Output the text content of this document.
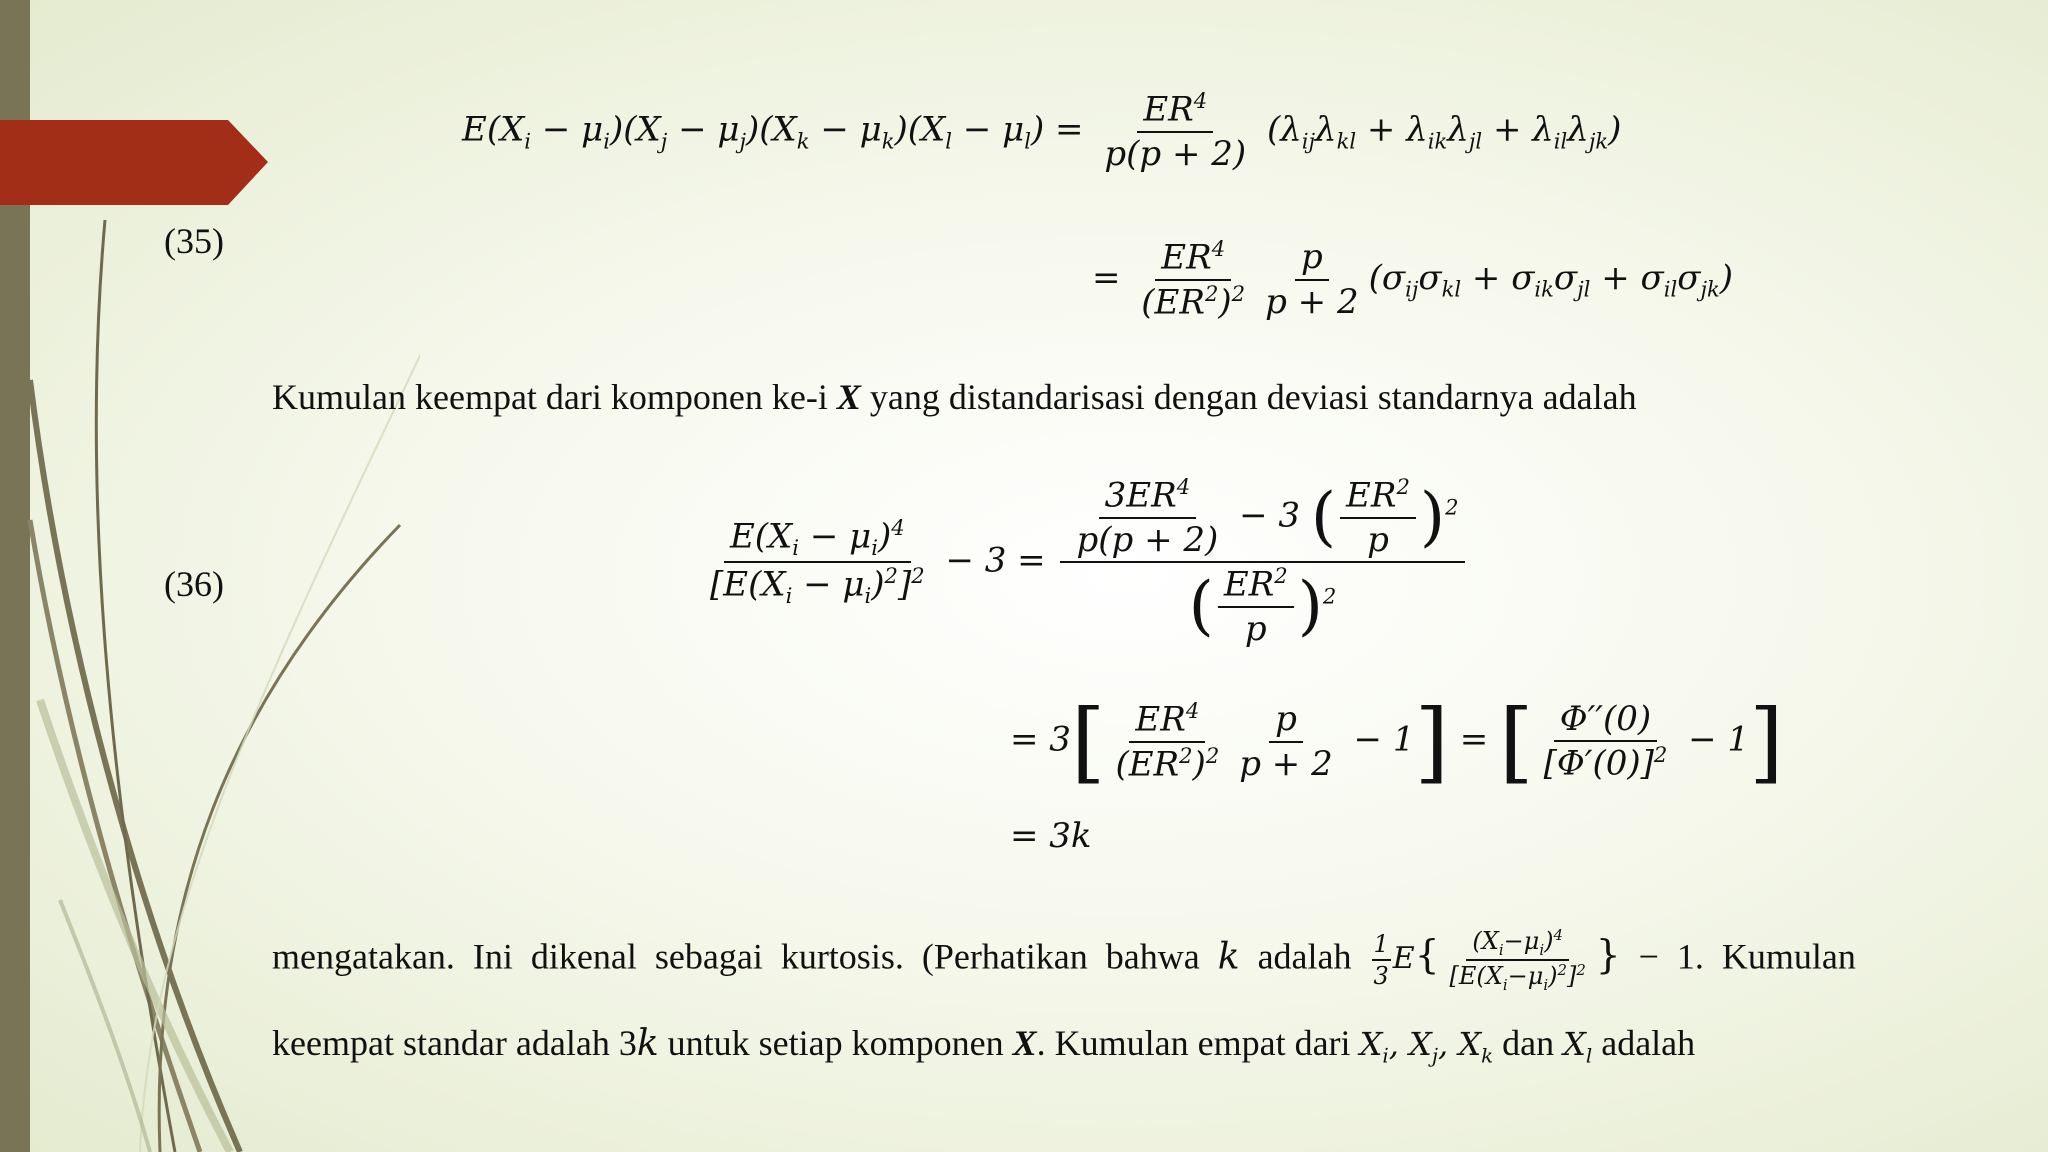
(35)
(36)
$E(X_i - \mu_i)(X_j - \mu_j)(X_k - \mu_k)(X_l - \mu_l) = \frac{ER^4}{p(p + 2)} (\lambda_{ij}\lambda_{kl} + \lambda_{ik}\lambda_{jl} + \lambda_{il}\lambda_{jk})$
= $\frac{ER^4}{(ER^2)^2} \frac{p}{p + 2} (\sigma_{ij}\sigma_{kl} + \sigma_{ik}\sigma_{jl} + \sigma_{il}\sigma_{jk})$
Kumulan keempat dari komponen ke-i X yang distandarisasi dengan deviasi standarnya adalah
$\frac{E(X_i - \mu_i)^4}{[E(X_i - \mu_i)^2]^2} - 3 = \frac{\frac{3ER^4}{p(p + 2)} - 3 ( \frac{ER^2}{p} )^2}{( \frac{ER^2}{p} )^2}$
= $3[ \frac{ER^4}{(ER^2)^2} \frac{p}{p + 2} - 1]$ = [ $\frac{\Phi''(0)}{[\Phi'(0)]^2} - 1$]
= 3k
mengatakan. Ini dikenal sebagai kurtosis. (Perhatikan bahwa k adalah $\frac{1}{3} E\{ \frac{(X_i-\mu_i)^4}{[E(X_i-\mu_i)^2]^2}$ } − 1. Kumulan
keempat standar adalah 3k untuk setiap komponen X. Kumulan empat dari $X_i$, $X_j$, $X_k$ dan $X_l$ adalah
